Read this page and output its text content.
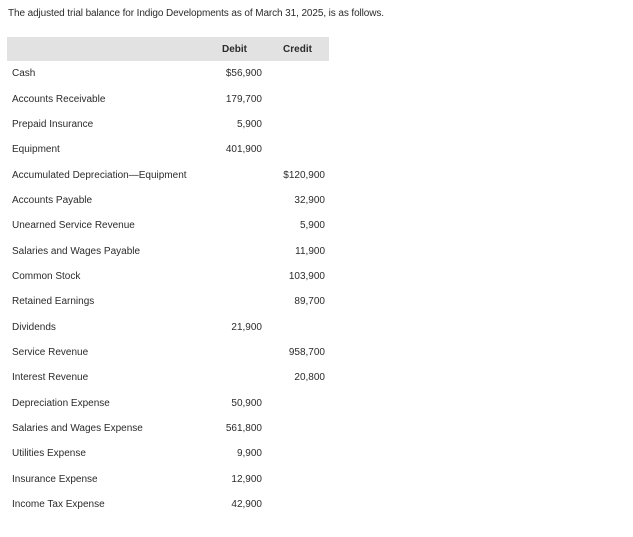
The adjusted trial balance for Indigo Developments as of March 31, 2025, is as follows.
	Debit	Credit
Cash	$56,900	
Accounts Receivable	179,700	
Prepaid Insurance	5,900	
Equipment	401,900	
Accumulated Depreciation—Equipment		$120,900
Accounts Payable		32,900
Unearned Service Revenue		5,900
Salaries and Wages Payable		11,900
Common Stock		103,900
Retained Earnings		89,700
Dividends	21,900	
Service Revenue		958,700
Interest Revenue		20,800
Depreciation Expense	50,900	
Salaries and Wages Expense	561,800	
Utilities Expense	9,900	
Insurance Expense	12,900	
Income Tax Expense	42,900	
